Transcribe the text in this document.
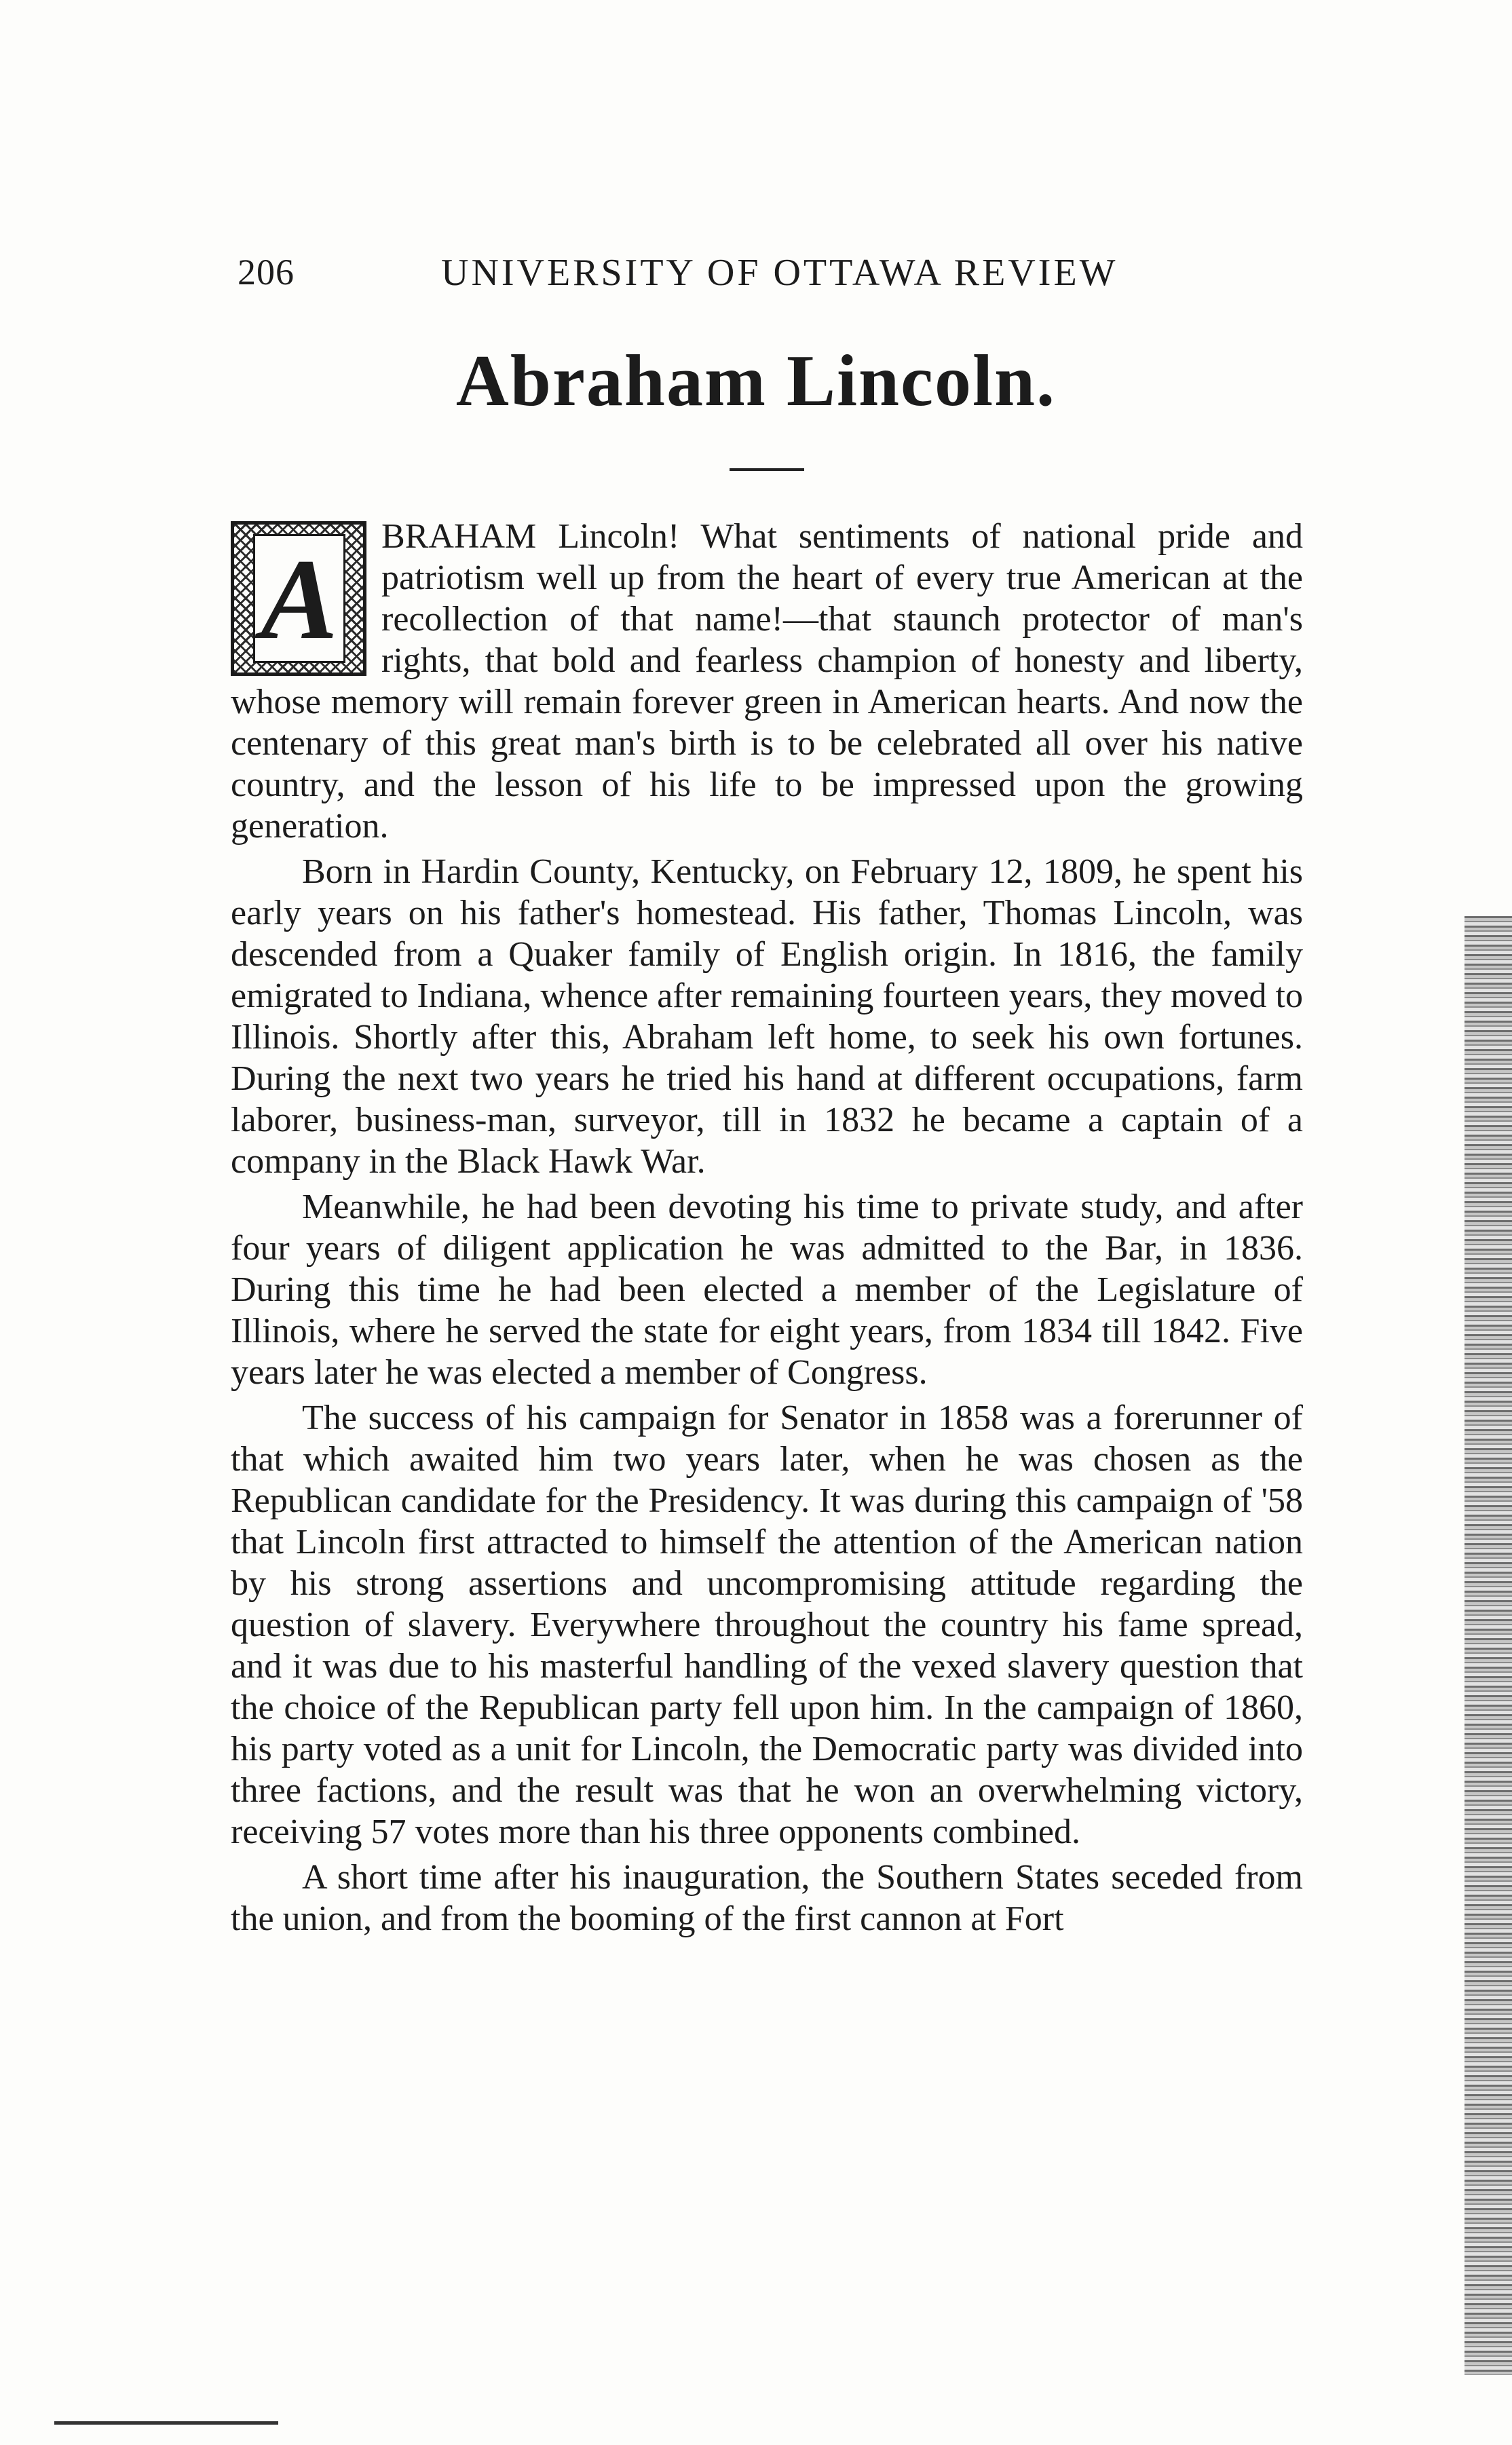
206	UNIVERSITY OF OTTAWA REVIEW
Abraham Lincoln.

A BRAHAM Lincoln! What sentiments of national pride and patriotism well up from the heart of every true American at the recollection of that name!—that staunch protector of man's rights, that bold and fearless champion of honesty and liberty, whose memory will remain forever green in American hearts. And now the centenary of this great man's birth is to be celebrated all over his native country, and the lesson of his life to be impressed upon the growing generation.

Born in Hardin County, Kentucky, on February 12, 1809, he spent his early years on his father's homestead. His father, Thomas Lincoln, was descended from a Quaker family of English origin. In 1816, the family emigrated to Indiana, whence after remaining fourteen years, they moved to Illinois. Shortly after this, Abraham left home, to seek his own fortunes. During the next two years he tried his hand at different occupations, farm laborer, business-man, surveyor, till in 1832 he became a captain of a company in the Black Hawk War.

Meanwhile, he had been devoting his time to private study, and after four years of diligent application he was admitted to the Bar, in 1836. During this time he had been elected a member of the Legislature of Illinois, where he served the state for eight years, from 1834 till 1842. Five years later he was elected a member of Congress.

The success of his campaign for Senator in 1858 was a forerunner of that which awaited him two years later, when he was chosen as the Republican candidate for the Presidency. It was during this campaign of '58 that Lincoln first attracted to himself the attention of the American nation by his strong assertions and uncompromising attitude regarding the question of slavery. Everywhere throughout the country his fame spread, and it was due to his masterful handling of the vexed slavery question that the choice of the Republican party fell upon him. In the campaign of 1860, his party voted as a unit for Lincoln, the Democratic party was divided into three factions, and the result was that he won an overwhelming victory, receiving 57 votes more than his three opponents combined.

A short time after his inauguration, the Southern States seceded from the union, and from the booming of the first cannon at Fort
